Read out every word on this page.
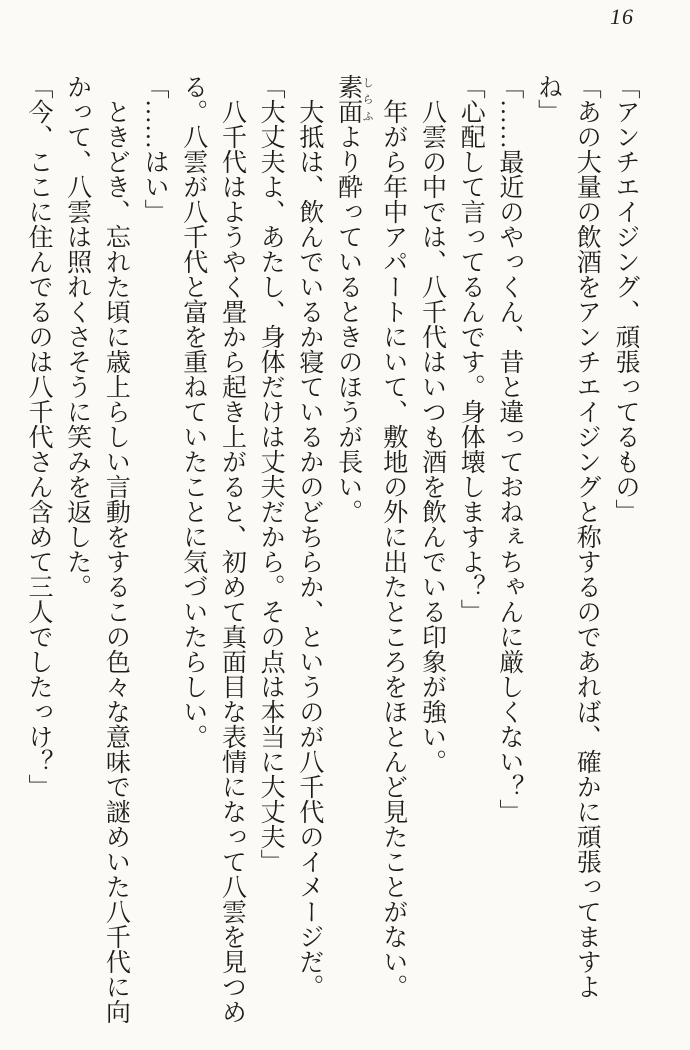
16

「アンチエイジング、頑張ってるもの」

「あの大量の飲酒をアンチエイジングと称するのであれば、確かに頑張ってますよね」

「……最近のやっくん、昔と違っておねぇちゃんに厳しくない？」

「心配して言ってるんです。身体壊しますよ？」

八雲の中では、八千代はいつも酒を飲んでいる印象が強い。

年がら年中アパートにいて、敷地の外に出たところをほとんど見たことがない。

素面 しらふより酔っているときのほうが長い。

大抵は、飲んでいるか寝ているかのどちらか、というのが八千代のイメージだ。

「大丈夫よ、あたし、身体だけは丈夫だから。その点は本当に大丈夫」

八千代はようやく畳から起き上がると、初めて真面目な表情になって八雲を見つめる。八雲が八千代と富を重ねていたことに気づいたらしい。

「……はい」

ときどき、忘れた頃に歳上らしい言動をするこの色々な意味で謎めいた八千代に向かって、八雲は照れくさそうに笑みを返した。

「今、ここに住んでるのは八千代さん含めて三人でしたっけ？」
